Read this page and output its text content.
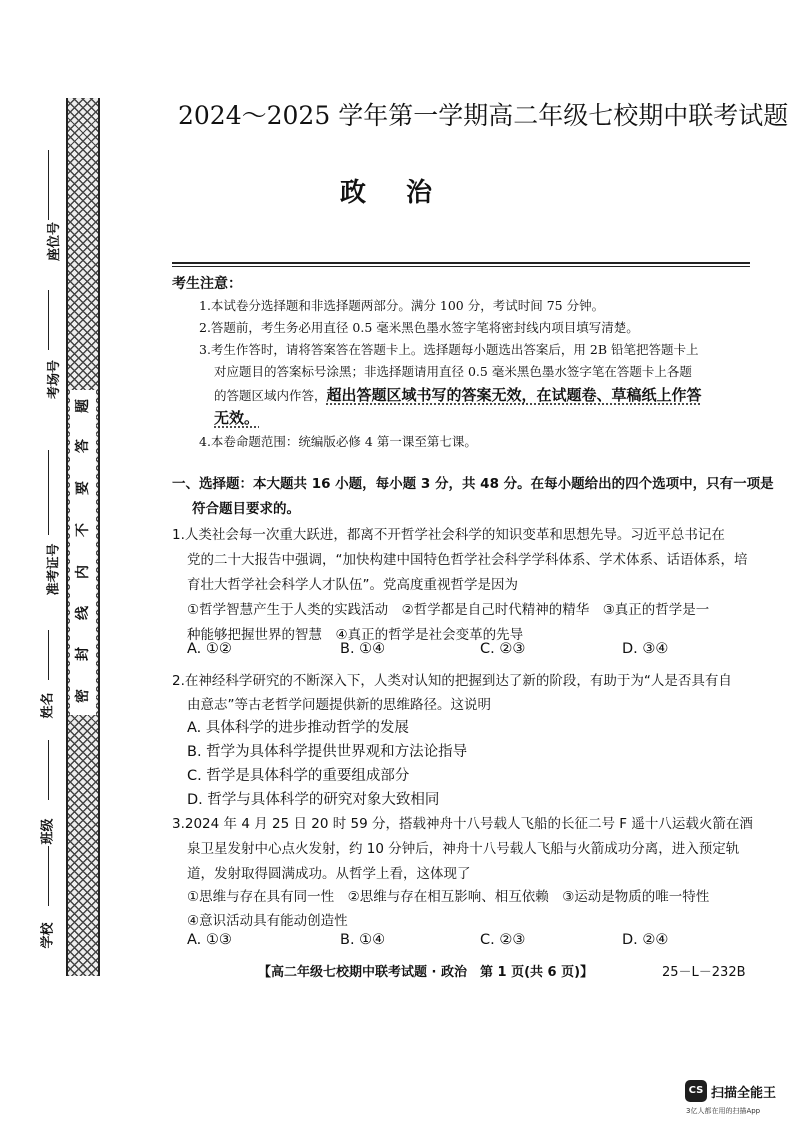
题
答
要
不
内
线
封
密
座位号
考场号
准考证号
姓名
班级
学校
2024～2025 学年第一学期高二年级七校期中联考试题
政治
考生注意：
1.本试卷分选择题和非选择题两部分。满分 100 分，考试时间 75 分钟。
2.答题前，考生务必用直径 0.5 毫米黑色墨水签字笔将密封线内项目填写清楚。
3.考生作答时，请将答案答在答题卡上。选择题每小题选出答案后，用 2B 铅笔把答题卡上
对应题目的答案标号涂黑；非选择题请用直径 0.5 毫米黑色墨水签字笔在答题卡上各题
的答题区域内作答，超出答题区域书写的答案无效，在试题卷、草稿纸上作答
无效。
4.本卷命题范围：统编版必修 4 第一课至第七课。
一、选择题：本大题共 16 小题，每小题 3 分，共 48 分。在每小题给出的四个选项中，只有一项是
符合题目要求的。
1.人类社会每一次重大跃进，都离不开哲学社会科学的知识变革和思想先导。习近平总书记在
党的二十大报告中强调，“加快构建中国特色哲学社会科学学科体系、学术体系、话语体系，培
育壮大哲学社会科学人才队伍”。党高度重视哲学是因为
①哲学智慧产生于人类的实践活动　②哲学都是自己时代精神的精华　③真正的哲学是一
种能够把握世界的智慧　④真正的哲学是社会变革的先导
A. ①②	B. ①④	C. ②③	D. ③④
2.在神经科学研究的不断深入下，人类对认知的把握到达了新的阶段，有助于为“人是否具有自
由意志”等古老哲学问题提供新的思维路径。这说明
A. 具体科学的进步推动哲学的发展
B. 哲学为具体科学提供世界观和方法论指导
C. 哲学是具体科学的重要组成部分
D. 哲学与具体科学的研究对象大致相同
3.2024 年 4 月 25 日 20 时 59 分，搭载神舟十八号载人飞船的长征二号 F 遥十八运载火箭在酒
泉卫星发射中心点火发射，约 10 分钟后，神舟十八号载人飞船与火箭成功分离，进入预定轨
道，发射取得圆满成功。从哲学上看，这体现了
①思维与存在具有同一性　②思维与存在相互影响、相互依赖　③运动是物质的唯一特性
④意识活动具有能动创造性
A. ①③	B. ①④	C. ②③	D. ②④
【高二年级七校期中联考试题 · 政治　第 1 页(共 6 页)】	25－L－232B
CS 扫描全能王
3亿人都在用的扫描App
